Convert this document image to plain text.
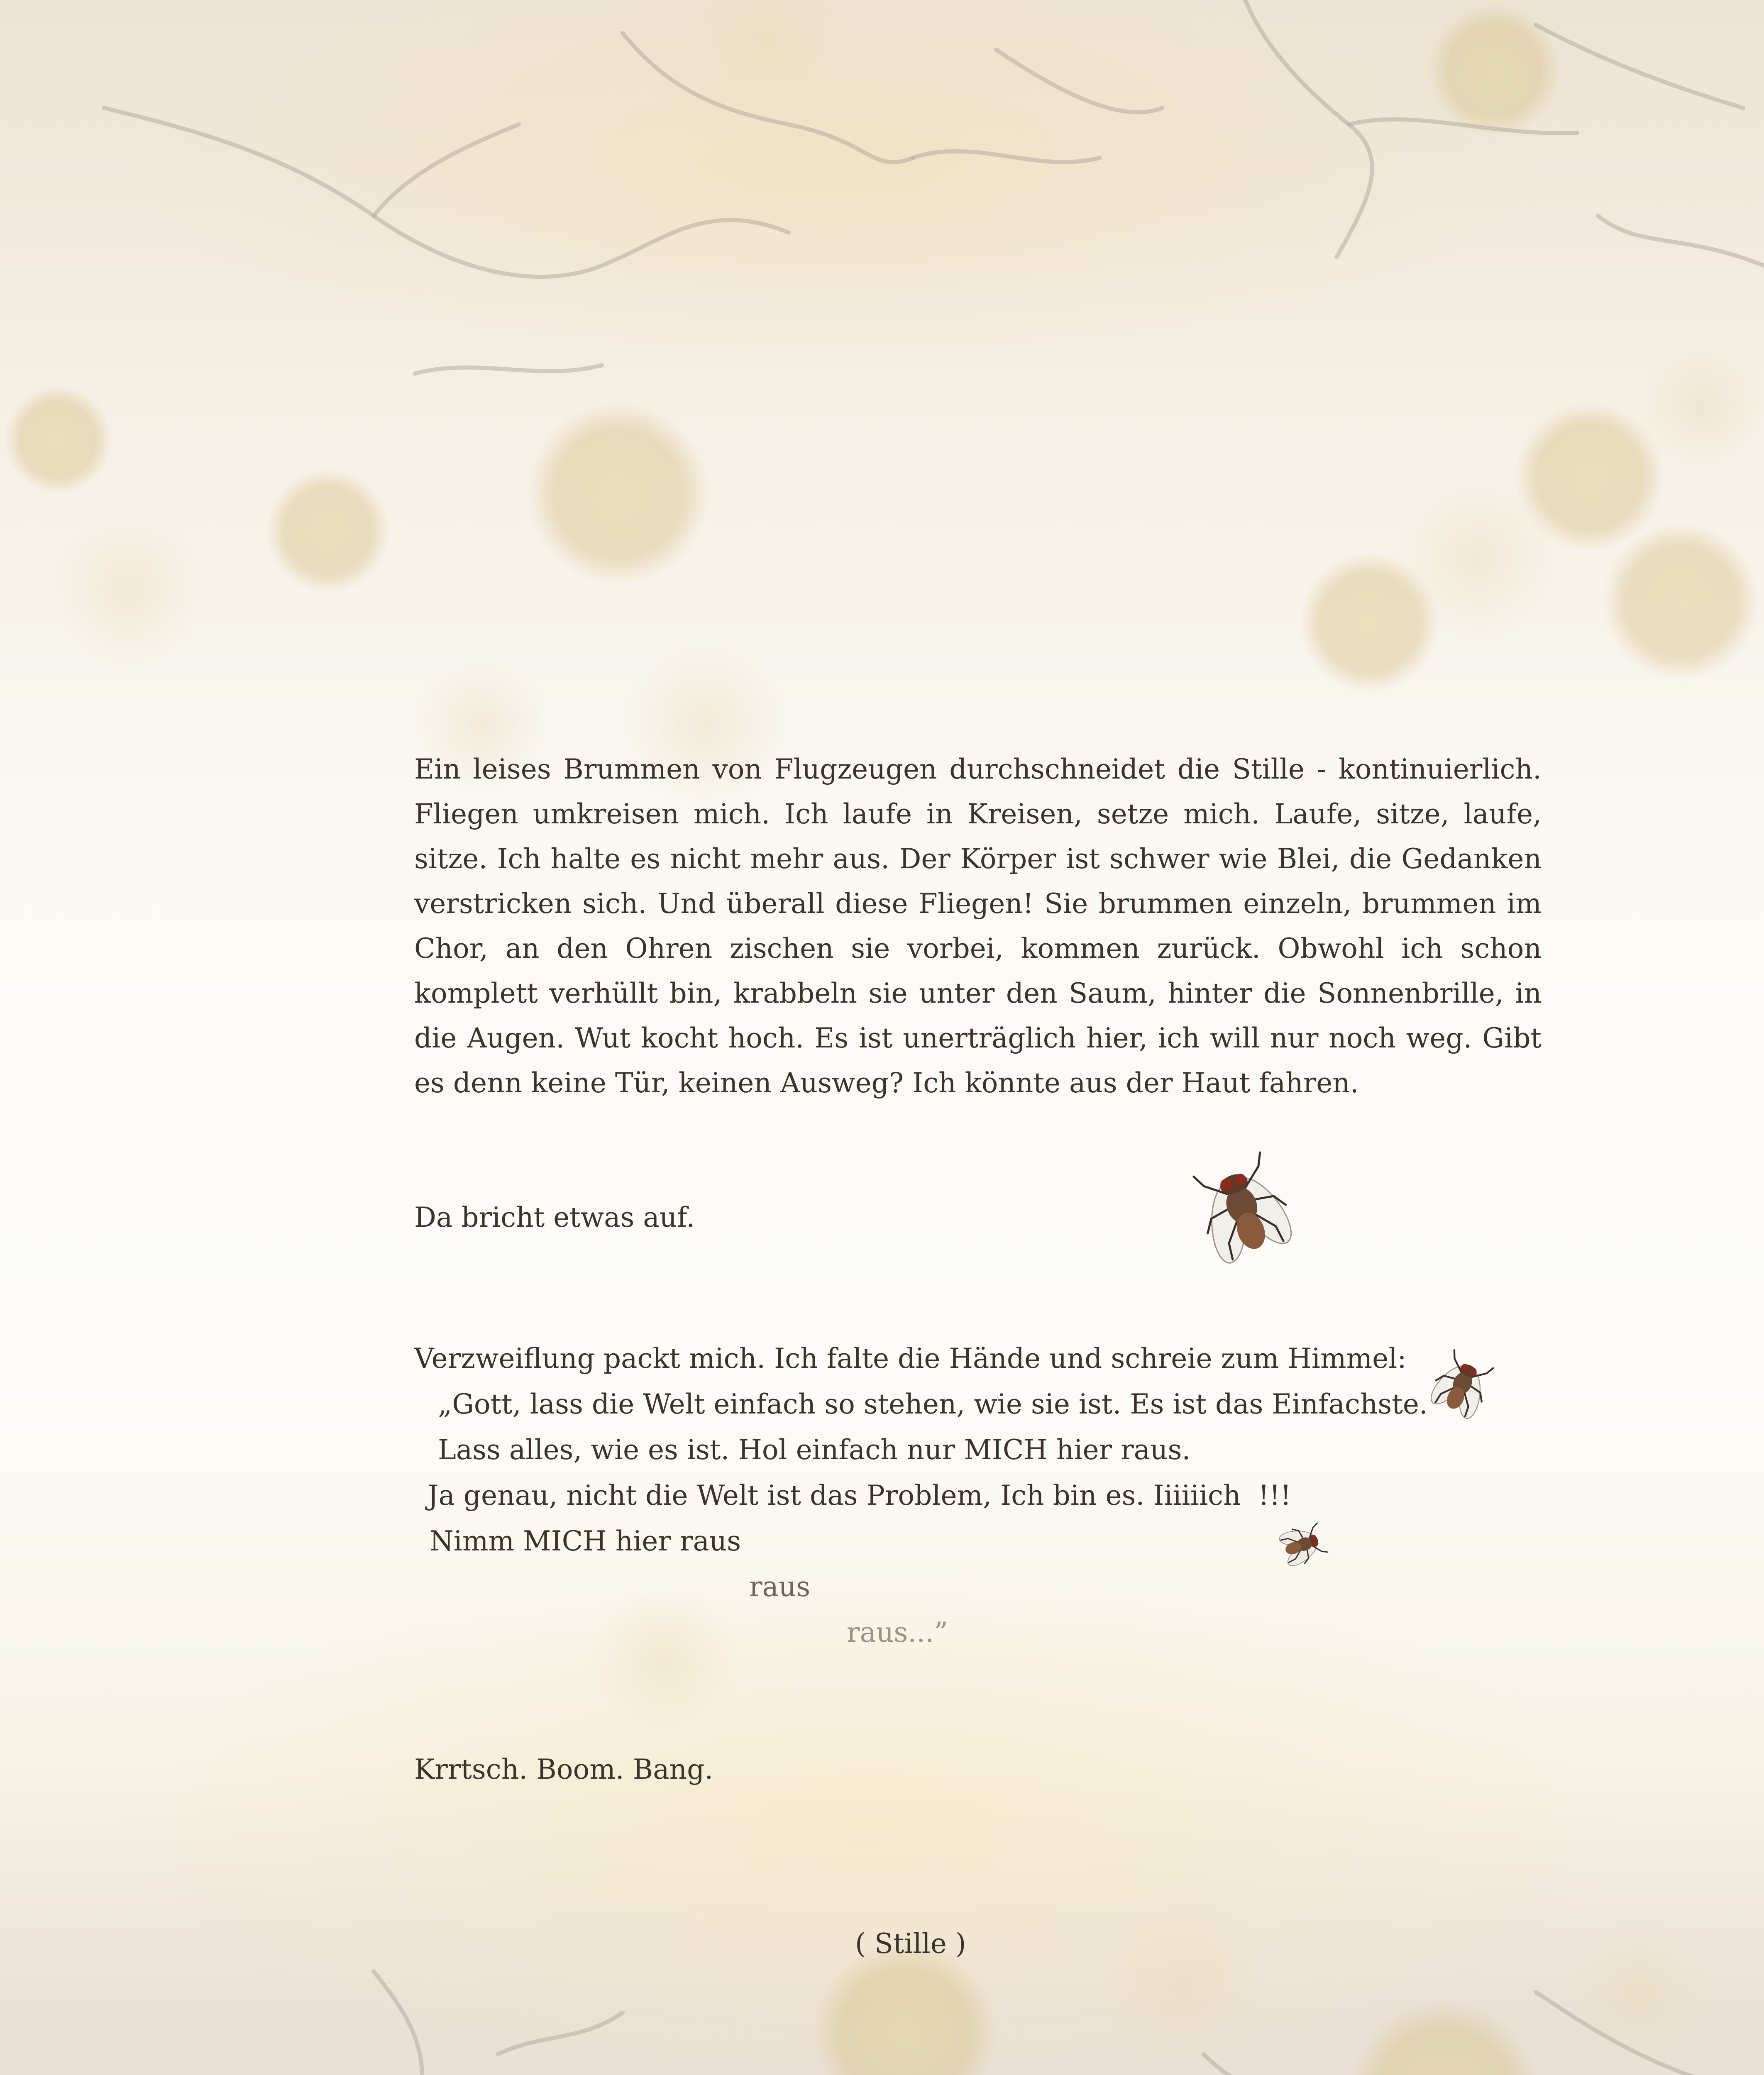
Ein leises Brummen von Flugzeugen durchschneidet die Stille - kontinuierlich. Fliegen umkreisen mich. Ich laufe in Kreisen, setze mich. Laufe, sitze, laufe, sitze. Ich halte es nicht mehr aus. Der Körper ist schwer wie Blei, die Gedanken verstricken sich. Und überall diese Fliegen! Sie brummen einzeln, brummen im Chor, an den Ohren zischen sie vorbei, kommen zurück. Obwohl ich schon komplett verhüllt bin, krabbeln sie unter den Saum, hinter die Sonnenbrille, in die Augen. Wut kocht hoch. Es ist unerträglich hier, ich will nur noch weg. Gibt es denn keine Tür, keinen Ausweg? Ich könnte aus der Haut fahren.

Da bricht etwas auf.
Verzweiflung packt mich. Ich falte die Hände und schreie zum Himmel:
„Gott, lass die Welt einfach so stehen, wie sie ist. Es ist das Einfachste.
Lass alles, wie es ist. Hol einfach nur MICH hier raus.
Ja genau, nicht die Welt ist das Problem, Ich bin es. Iiiiiich  !!!
Nimm MICH hier raus
raus
raus...”
Krrtsch. Boom. Bang.
( Stille )
